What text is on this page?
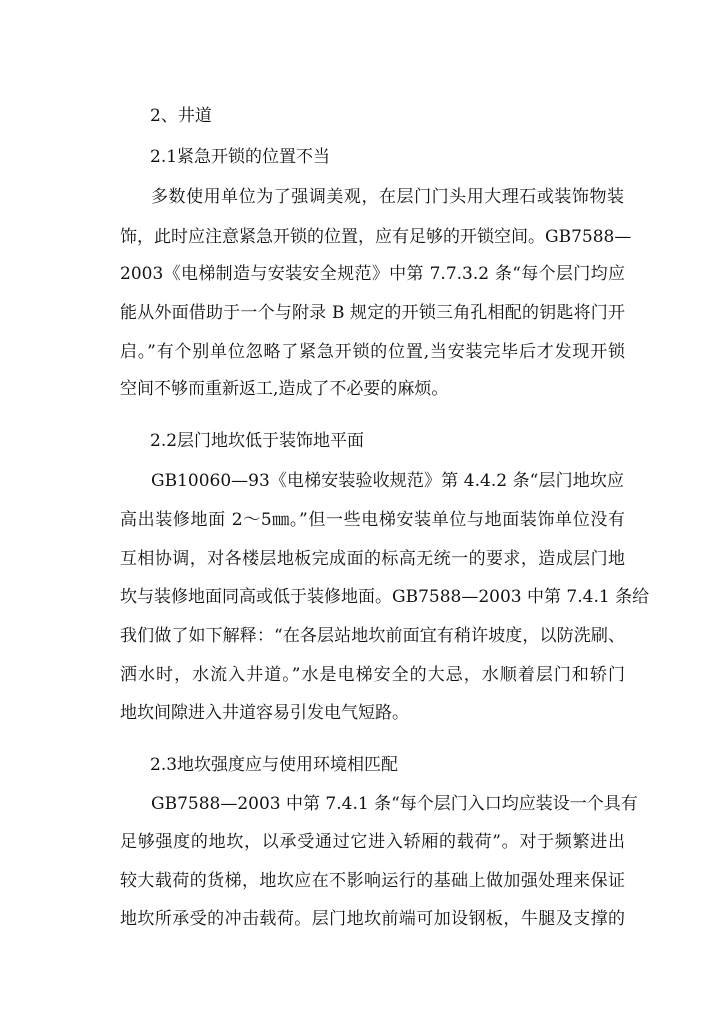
2、井道
2.1紧急开锁的位置不当
多数使用单位为了强调美观，在层门门头用大理石或装饰物装
饰，此时应注意紧急开锁的位置，应有足够的开锁空间。GB7588—
2003《电梯制造与安装安全规范》中第 7.7.3.2 条“每个层门均应
能从外面借助于一个与附录 B 规定的开锁三角孔相配的钥匙将门开
启。”有个别单位忽略了紧急开锁的位置,当安装完毕后才发现开锁
空间不够而重新返工,造成了不必要的麻烦。
2.2层门地坎低于装饰地平面
GB10060—93《电梯安装验收规范》第 4.4.2 条“层门地坎应
高出装修地面 2～5㎜。”但一些电梯安装单位与地面装饰单位没有
互相协调，对各楼层地板完成面的标高无统一的要求，造成层门地
坎与装修地面同高或低于装修地面。GB7588—2003 中第 7.4.1 条给
我们做了如下解释：“在各层站地坎前面宜有稍许坡度，以防洗刷、
洒水时，水流入井道。”水是电梯安全的大忌，水顺着层门和轿门
地坎间隙进入井道容易引发电气短路。
2.3地坎强度应与使用环境相匹配
GB7588—2003 中第 7.4.1 条“每个层门入口均应装设一个具有
足够强度的地坎，以承受通过它进入轿厢的载荷”。对于频繁进出
较大载荷的货梯，地坎应在不影响运行的基础上做加强处理来保证
地坎所承受的冲击载荷。层门地坎前端可加设钢板，牛腿及支撑的
